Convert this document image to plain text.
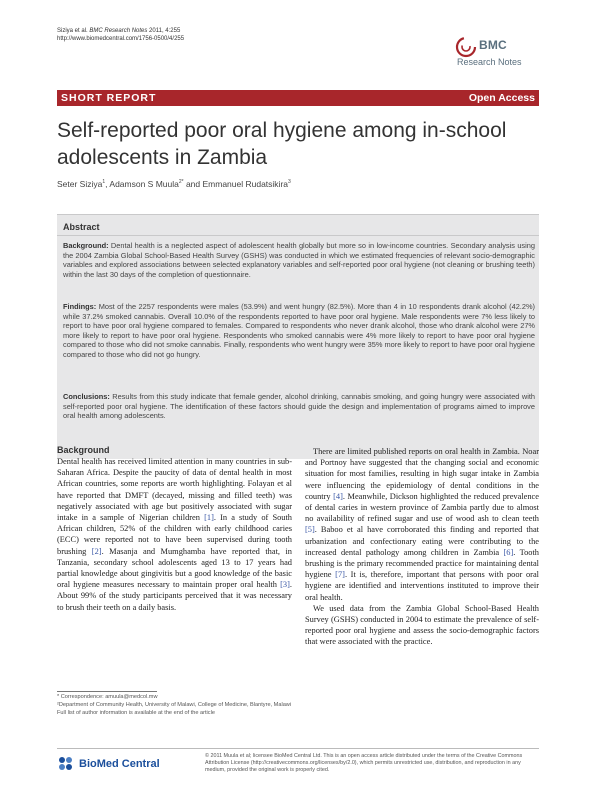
Siziya et al. BMC Research Notes 2011, 4:255
http://www.biomedcentral.com/1756-0500/4/255	BMC
Research Notes
SHORT REPORT	Open Access
Self-reported poor oral hygiene among in-school adolescents in Zambia
Seter Siziya$^1$, Adamson S Muula$^{2*}$ and Emmanuel Rudatsikira$^3$
Abstract
Background: Dental health is a neglected aspect of adolescent health globally but more so in low-income countries. Secondary analysis using the 2004 Zambia Global School-Based Health Survey (GSHS) was conducted in which we estimated frequencies of relevant socio-demographic variables and explored associations between selected explanatory variables and self-reported poor oral hygiene (not cleaning or brushing teeth) within the last 30 days of the completion of questionnaire.
Findings: Most of the 2257 respondents were males (53.9%) and went hungry (82.5%). More than 4 in 10 respondents drank alcohol (42.2%) while 37.2% smoked cannabis. Overall 10.0% of the respondents reported to have poor oral hygiene. Male respondents were 7% less likely to report to have poor oral hygiene compared to females. Compared to respondents who never drank alcohol, those who drank alcohol were 27% more likely to report to have poor oral hygiene. Respondents who smoked cannabis were 4% more likely to report to have poor oral hygiene compared to those who did not smoke cannabis. Finally, respondents who went hungry were 35% more likely to report to have poor oral hygiene compared to those who did not go hungry.
Conclusions: Results from this study indicate that female gender, alcohol drinking, cannabis smoking, and going hungry were associated with self-reported poor oral hygiene. The identification of these factors should guide the design and implementation of programs aimed to improve oral health among adolescents.
Background

Dental health has received limited attention in many countries in sub-Saharan Africa. Despite the paucity of data of dental health in most African countries, some reports are worth highlighting. Folayan et al have reported that DMFT (decayed, missing and filled teeth) was negatively associated with age but positively associated with sugar intake in a sample of Nigerian children [1]. In a study of South African children, 52% of the children with early childhood caries (ECC) were reported not to have been supervised during tooth brushing [2]. Masanja and Mumghamba have reported that, in Tanzania, secondary school adolescents aged 13 to 17 years had partial knowledge about gingivitis but a good knowledge of the basic oral hygiene measures necessary to maintain proper oral health [3]. About 99% of the study participants perceived that it was necessary to brush their teeth on a daily basis.

There are limited published reports on oral health in Zambia. Noar and Portnoy have suggested that the changing social and economic situation for most families, resulting in high sugar intake in Zambia were influencing the epidemiology of dental conditions in the country [4]. Meanwhile, Dickson highlighted the reduced prevalence of dental caries in western province of Zambia partly due to almost no availability of refined sugar and use of wood ash to clean teeth [5]. Baboo et al have corroborated this finding and reported that urbanization and confectionary eating were contributing to the increased dental pathology among children in Zambia [6]. Tooth brushing is the primary recommended practice for maintaining dental hygiene [7]. It is, therefore, important that persons with poor oral hygiene are identified and interventions instituted to improve their oral health.

We used data from the Zambia Global School-Based Health Survey (GSHS) conducted in 2004 to estimate the prevalence of self-reported poor oral hygiene and assess the socio-demographic factors that were associated with the practice.

* Correspondence: amuula@medcol.mw
²Department of Community Health, University of Malawi, College of Medicine, Blantyre, Malawi
Full list of author information is available at the end of the article
BioMed Central
© 2011 Muula et al; licensee BioMed Central Ltd. This is an open access article distributed under the terms of the Creative Commons Attribution License (http://creativecommons.org/licenses/by/2.0), which permits unrestricted use, distribution, and reproduction in any medium, provided the original work is properly cited.
